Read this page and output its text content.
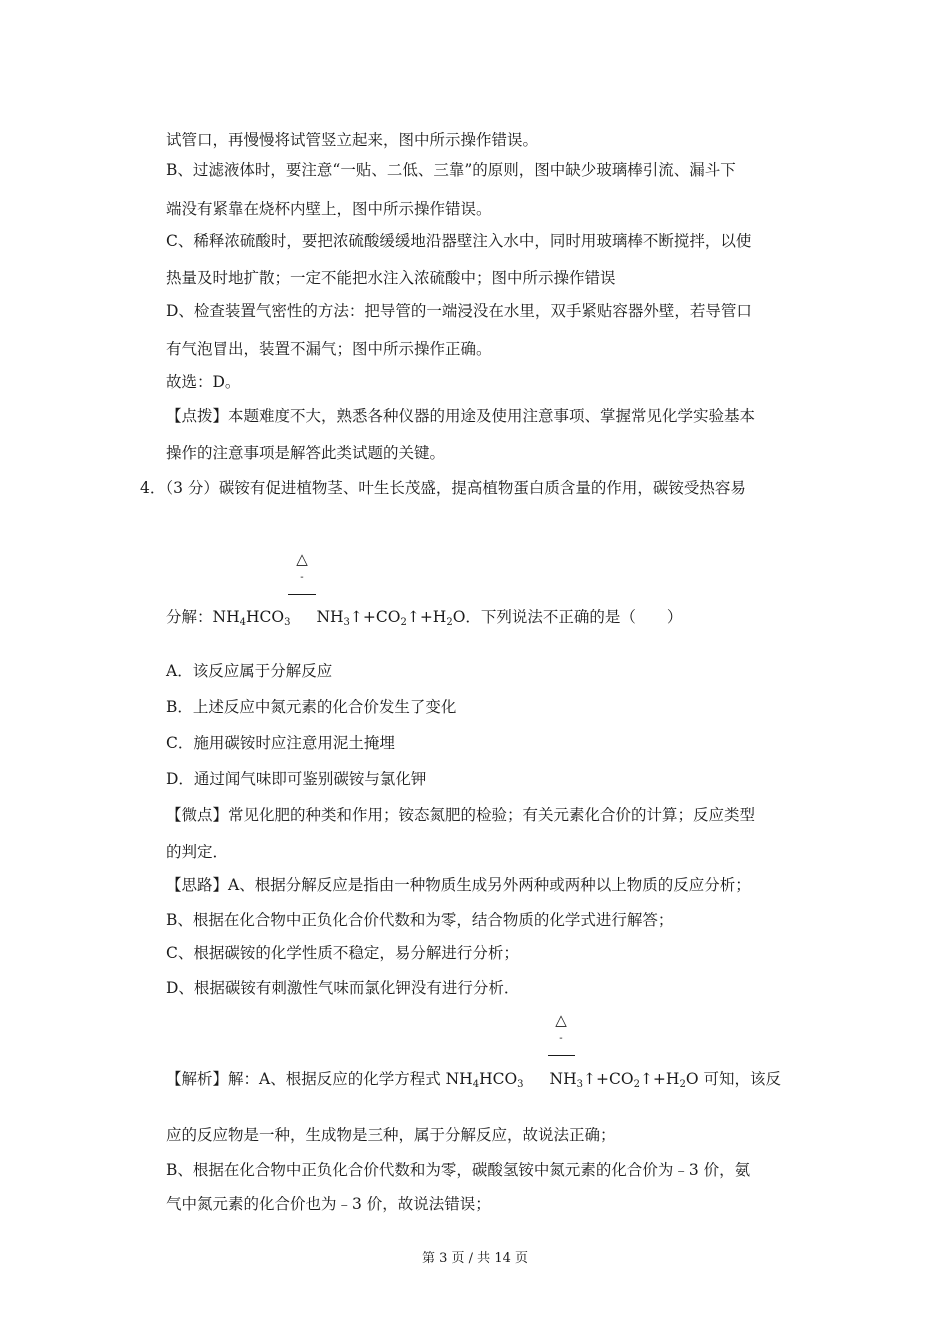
试管口，再慢慢将试管竖立起来，图中所示操作错误。
B、过滤液体时，要注意“一贴、二低、三靠”的原则，图中缺少玻璃棒引流、漏斗下
端没有紧靠在烧杯内壁上，图中所示操作错误。
C、稀释浓硫酸时，要把浓硫酸缓缓地沿器壁注入水中，同时用玻璃棒不断搅拌，以使
热量及时地扩散；一定不能把水注入浓硫酸中；图中所示操作错误
D、检查装置气密性的方法：把导管的一端浸没在水里，双手紧贴容器外壁，若导管口
有气泡冒出，装置不漏气；图中所示操作正确。
故选：D。
【点拨】本题难度不大，熟悉各种仪器的用途及使用注意事项、掌握常见化学实验基本
操作的注意事项是解答此类试题的关键。
4．（3 分）碳铵有促进植物茎、叶生长茂盛，提高植物蛋白质含量的作用，碳铵受热容易
△
-
分解：$NH_4HCO_3$ $NH_3↑+CO_2↑+H_2O$．下列说法不正确的是（　　）
A．该反应属于分解反应
B．上述反应中氮元素的化合价发生了变化
C．施用碳铵时应注意用泥土掩埋
D．通过闻气味即可鉴别碳铵与氯化钾
【微点】常见化肥的种类和作用；铵态氮肥的检验；有关元素化合价的计算；反应类型
的判定．
【思路】A、根据分解反应是指由一种物质生成另外两种或两种以上物质的反应分析；
B、根据在化合物中正负化合价代数和为零，结合物质的化学式进行解答；
C、根据碳铵的化学性质不稳定，易分解进行分析；
D、根据碳铵有刺激性气味而氯化钾没有进行分析．
△
-
【解析】解：A、根据反应的化学方程式 $NH_4HCO_3$ $NH_3↑+CO_2↑+H_2O$ 可知，该反
应的反应物是一种，生成物是三种，属于分解反应，故说法正确；
B、根据在化合物中正负化合价代数和为零，碳酸氢铵中氮元素的化合价为﹣3 价，氨
气中氮元素的化合价也为﹣3 价，故说法错误；
第 3 页 / 共 14 页
